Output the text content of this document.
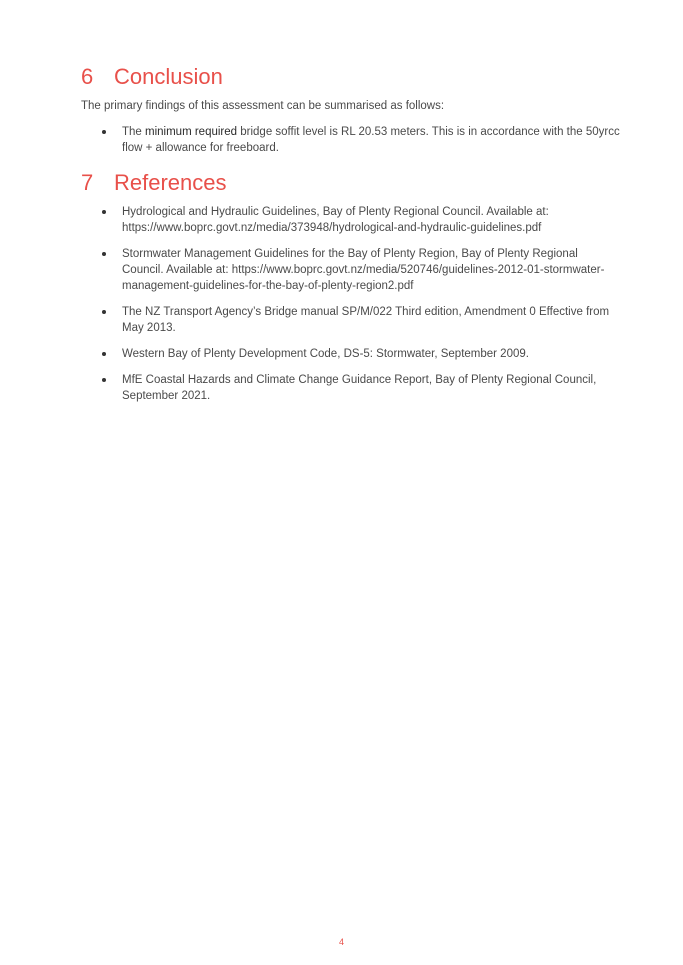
6 Conclusion

The primary findings of this assessment can be summarised as follows:

The minimum required bridge soffit level is RL 20.53 meters. This is in accordance with the 50yrcc flow + allowance for freeboard.
7 References
Hydrological and Hydraulic Guidelines, Bay of Plenty Regional Council. Available at: https://www.boprc.govt.nz/media/373948/hydrological-and-hydraulic-guidelines.pdf
Stormwater Management Guidelines for the Bay of Plenty Region, Bay of Plenty Regional Council. Available at: https://www.boprc.govt.nz/media/520746/guidelines-2012-01-stormwater-management-guidelines-for-the-bay-of-plenty-region2.pdf
The NZ Transport Agency’s Bridge manual SP/M/022 Third edition, Amendment 0 Effective from May 2013.
Western Bay of Plenty Development Code, DS-5: Stormwater, September 2009.
MfE Coastal Hazards and Climate Change Guidance Report, Bay of Plenty Regional Council, September 2021.
4
